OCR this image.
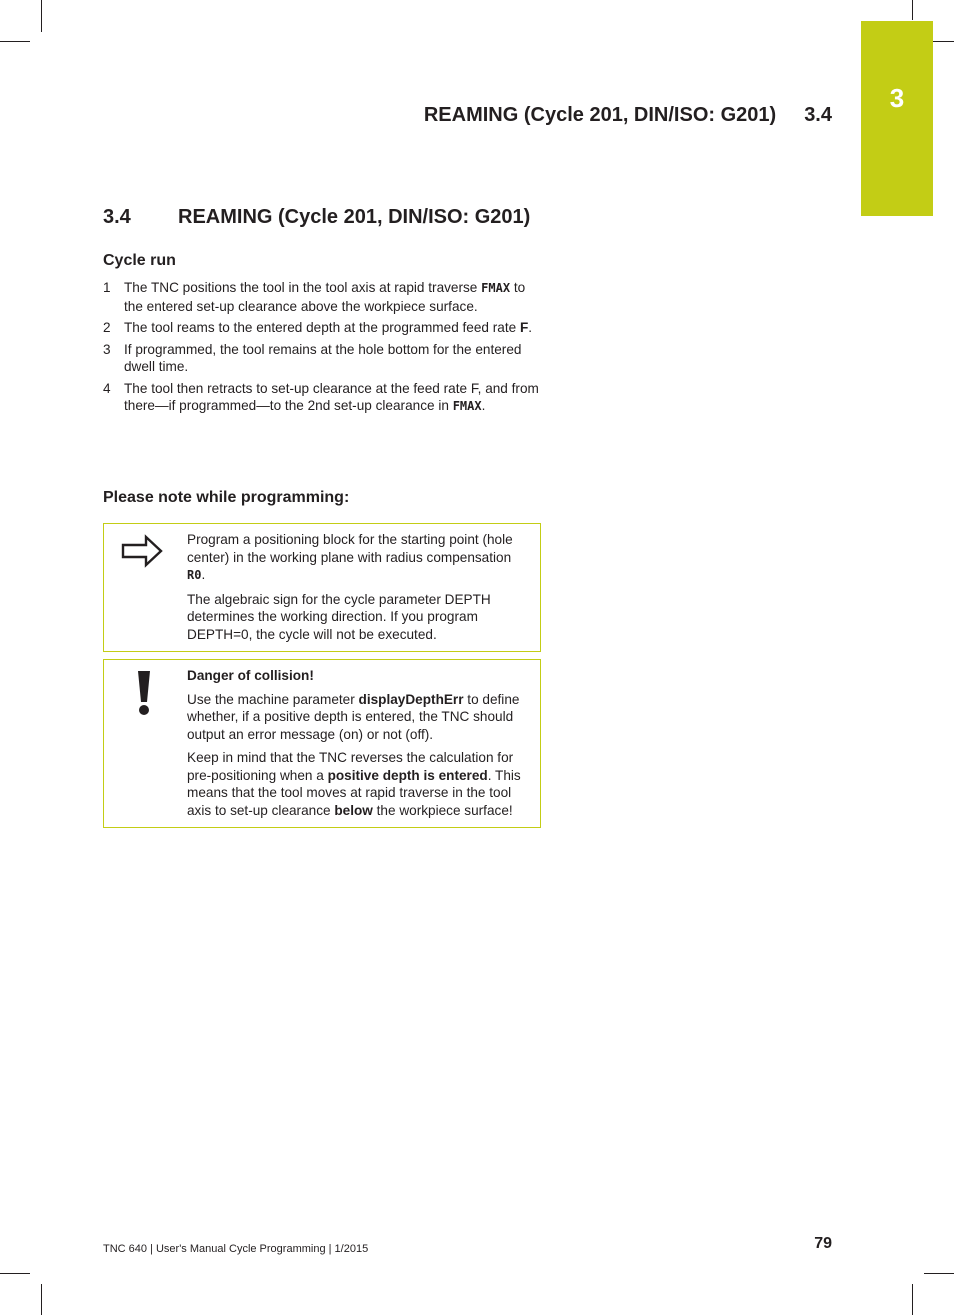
3
REAMING (Cycle 201, DIN/ISO: G201) 3.4
3.4 REAMING (Cycle 201, DIN/ISO: G201)
Cycle run
1 The TNC positions the tool in the tool axis at rapid traverse FMAX to the entered set-up clearance above the workpiece surface.
2 The tool reams to the entered depth at the programmed feed rate F.
3 If programmed, the tool remains at the hole bottom for the entered dwell time.
4 The tool then retracts to set-up clearance at the feed rate F, and from there—if programmed—to the 2nd set-up clearance in FMAX.
Please note while programming:

Program a positioning block for the starting point (hole center) in the working plane with radius compensation R0.

The algebraic sign for the cycle parameter DEPTH determines the working direction. If you program DEPTH=0, the cycle will not be executed.

Danger of collision!

Use the machine parameter displayDepthErr to define whether, if a positive depth is entered, the TNC should output an error message (on) or not (off).

Keep in mind that the TNC reverses the calculation for pre-positioning when a positive depth is entered. This means that the tool moves at rapid traverse in the tool axis to set-up clearance below the workpiece surface!

TNC 640 | User's Manual Cycle Programming | 1/2015	79
